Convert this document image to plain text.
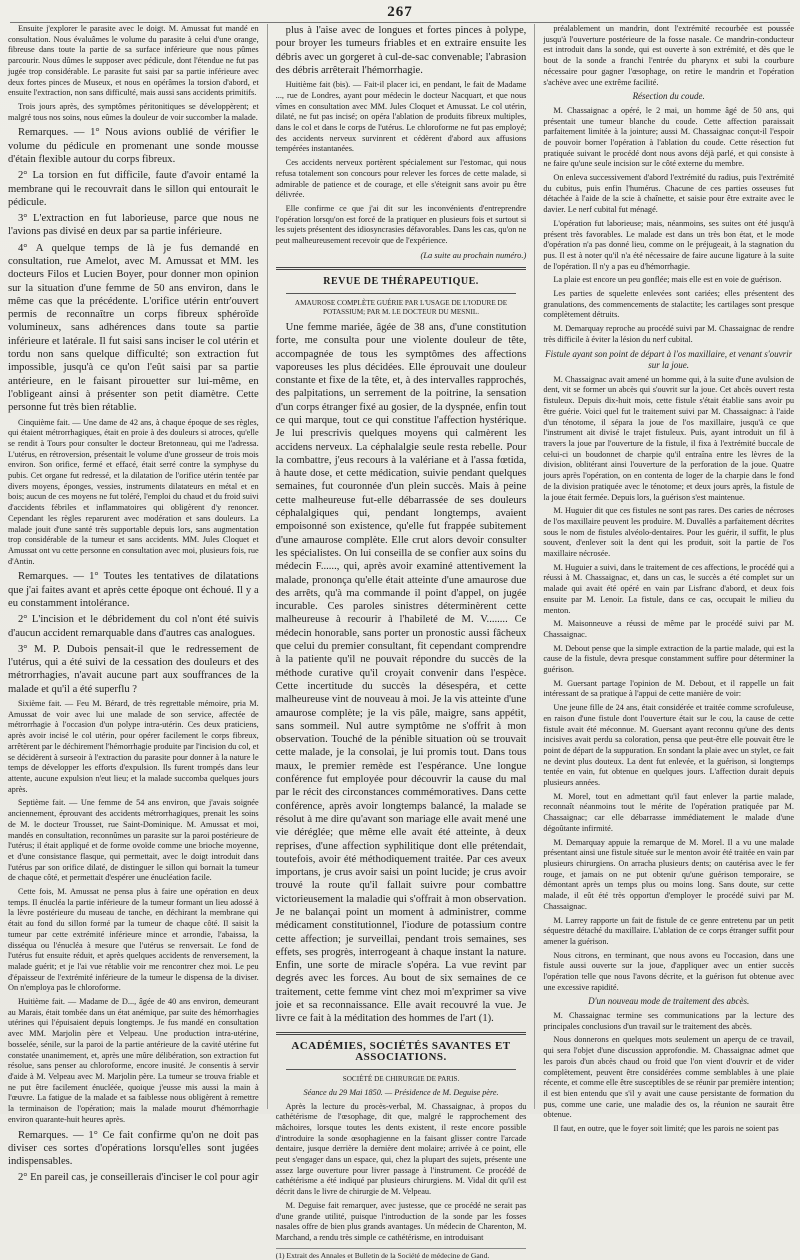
267

Ensuite j'explorer le parasite avec le doigt. M. Amussat fut mandé en consultation. Nous évaluâmes le volume du parasite à celui d'une orange, fibreuse dans toute la partie de sa surface inférieure que nous pûmes parcourir. Nous dûmes le supposer avec pédicule, dont l'étendue ne fut pas jugée trop considérable. Le parasite fut saisi par sa partie inférieure avec deux fortes pinces de Museux, et nous en opérâmes la torsion d'abord, et ensuite l'extraction, non sans difficulté, mais aussi sans accidents primitifs.

Trois jours après, des symptômes péritonitiques se développèrent; et malgré tous nos soins, nous eûmes la douleur de voir succomber la malade.

Remarques. — 1° Nous avions oublié de vérifier le volume du pédicule en promenant une sonde mousse d'étain flexible autour du corps fibreux.

2° La torsion en fut difficile, faute d'avoir entamé la membrane qui le recouvrait dans le sillon qui entourait le pédicule.

3° L'extraction en fut laborieuse, parce que nous ne l'avions pas divisé en deux par sa partie inférieure.

4° A quelque temps de là je fus demandé en consultation, rue Amelot, avec M. Amussat et MM. les docteurs Filos et Lucien Boyer, pour donner mon opinion sur la situation d'une femme de 50 ans environ, dans le même cas que la précédente. L'orifice utérin entr'ouvert permis de reconnaître un corps fibreux sphéroïde volumineux, sans adhérences dans toute sa partie inférieure et latérale. Il fut saisi sans inciser le col utérin et tordu non sans quelque difficulté; son extraction fut impossible, jusqu'à ce qu'on l'eût saisi par sa partie antérieure, en le faisant pirouetter sur lui-même, en l'obligeant ainsi à présenter son petit diamètre. Cette personne fut très bien rétablie.

Cinquième fait. — Une dame de 42 ans, à chaque époque de ses règles, qui étaient métrorrhagiques, était en proie à des douleurs si atroces, qu'elle se rendit à Tours pour consulter le docteur Bretonneau, qui me l'adressa. L'utérus, en rétroversion, présentait le volume d'une grosseur de trois mois environ. Son orifice, fermé et effacé, était serré contre la symphyse du pubis. Cet organe fut redressé, et la dilatation de l'orifice utérin tentée par divers moyens, éponges, vessies, instruments dilatateurs en métal et en bois; aucun de ces moyens ne fut toléré, l'emploi du chaud et du froid suivi d'accidents fébriles et inflammatoires qui obligèrent d'y renoncer. Cependant les règles reparurent avec modération et sans douleurs. La malade jouit d'une santé très supportable depuis lors, sans augmentation trop considérable de la tumeur et sans accidents. MM. Jules Cloquet et Amussat ont vu cette personne en consultation avec moi, plusieurs fois, rue d'Antin.

Remarques. — 1° Toutes les tentatives de dilatations que j'ai faites avant et après cette époque ont échoué. Il y a eu constamment intolérance.

2° L'incision et le débridement du col n'ont été suivis d'aucun accident remarquable dans d'autres cas analogues.

3° M. P. Dubois pensait-il que le redressement de l'utérus, qui a été suivi de la cessation des douleurs et des métrorrhagies, n'avait aucune part aux souffrances de la malade et qu'il a été superflu ?

Sixième fait. — Feu M. Bérard, de très regrettable mémoire, pria M. Amussat de voir avec lui une malade de son service, affectée de métrorrhagie à l'occasion d'un polype intra-utérin. Ces deux praticiens, après avoir incisé le col utérin, pour opérer facilement le corps fibreux, arrêtèrent par le déchirement l'hémorrhagie produite par l'incision du col, et se décidèrent à surseoir à l'extraction du parasite pour donner à la nature le temps de développer les efforts d'expulsion. Ils furent trompés dans leur attente, aucune expulsion n'eut lieu; et la malade succomba quelques jours après.

Septième fait. — Une femme de 54 ans environ, que j'avais soignée anciennement, éprouvant des accidents métrorrhagiques, prenait les soins de M. le docteur Trousset, rue Saint-Dominique. M. Amussat et moi, mandés en consultation, reconnûmes un parasite sur la paroi postérieure de l'utérus; il était appliqué et de forme ovoïde comme une brioche moyenne, et d'une consistance flasque, qui permettait, avec le doigt introduit dans l'utérus par son orifice dilaté, de distinguer le sillon qui bornait la tumeur de chaque côté, et permettait d'espérer une énucléation facile.

Cette fois, M. Amussat ne pensa plus à faire une opération en deux temps. Il énucléa la partie inférieure de la tumeur formant un lieu adossé à la lèvre postérieure du museau de tanche, en déchirant la membrane qui était au fond du sillon formé par la tumeur de chaque côté. Il saisit la tumeur par cette extrémité inférieure mince et arrondie, l'abaissa, la disséqua ou l'énucléa à mesure que l'utérus se renversait. Le fond de l'utérus fut ensuite réduit, et après quelques accidents de renversement, la malade guérit; et je l'ai vue rétablie voir me rencontrer chez moi. Le peu d'épaisseur de l'extrémité inférieure de la tumeur le dispensa de la diviser. On n'employa pas le chloroforme.

Huitième fait. — Madame de D..., âgée de 40 ans environ, demeurant au Marais, était tombée dans un état anémique, par suite des hémorrhagies utérines qui l'épuisaient depuis longtemps. Je fus mandé en consultation avec MM. Marjolin père et Velpeau. Une production intra-utérine, bosselée, sénile, sur la paroi de la partie antérieure de la cavité utérine fut constatée unanimement, et, après une mûre délibération, son extraction fut résolue, sans penser au chloroforme, encore inusité. Je consentis à servir d'aide à M. Velpeau avec M. Marjolin père. La tumeur se trouva friable et ne put être facilement énucléée, quoique j'eusse mis aussi la main à l'œuvre. La fatigue de la malade et sa faiblesse nous obligèrent à remettre la terminaison de l'opération; mais la malade mourut d'hémorrhagie environ quarante-huit heures après.

Remarques. — 1° Ce fait confirme qu'on ne doit pas diviser ces sortes d'opérations lorsqu'elles sont jugées indispensables.

2° En pareil cas, je conseillerais d'inciser le col pour agir

plus à l'aise avec de longues et fortes pinces à polype, pour broyer les tumeurs friables et en extraire ensuite les débris avec un gorgeret à cul-de-sac convenable; l'abrasion des débris arrêterait l'hémorrhagie.

Huitième fait (bis). — Fait-il placer ici, en pendant, le fait de Madame ..., rue de Londres, ayant pour médecin le docteur Nacquart, et que nous vîmes en consultation avec MM. Jules Cloquet et Amussat. Le col utérin, dilaté, ne fut pas incisé; on opéra l'ablation de produits fibreux multiples, dans le col et dans le corps de l'utérus. Le chloroforme ne fut pas employé; des accidents nerveux survinrent et cédèrent d'abord aux affusions tempérées instantanées.

Ces accidents nerveux portèrent spécialement sur l'estomac, qui nous refusa totalement son concours pour relever les forces de cette malade, si admirable de patience et de courage, et elle s'éteignit sans avoir pu être délivrée.

Elle confirme ce que j'ai dit sur les inconvénients d'entreprendre l'opération lorsqu'on est forcé de la pratiquer en plusieurs fois et surtout si les sujets présentent des idiosyncrasies défavorables. Dans les cas, qu'on ne peut malheureusement recevoir que de l'expérience.

(La suite au prochain numéro.)
REVUE DE THÉRAPEUTIQUE.
AMAUROSE COMPLÈTE GUÉRIE PAR L'USAGE DE L'IODURE DE POTASSIUM; PAR M. LE DOCTEUR DU MESNIL.

Une femme mariée, âgée de 38 ans, d'une constitution forte, me consulta pour une violente douleur de tête, accompagnée de tous les symptômes des affections vaporeuses les plus décidées. Elle éprouvait une douleur constante et fixe de la tête, et, à des intervalles rapprochés, des palpitations, un serrement de la poitrine, la sensation d'un corps étranger fixé au gosier, de la dyspnée, enfin tout ce qui marque, tout ce qui constitue l'affection hystérique. Je lui prescrivis quelques moyens qui calmèrent les accidens nerveux. La céphalalgie seule resta rebelle. Pour la combattre, j'eus recours à la valériane et à l'assa fœtida, à haute dose, et cette médication, suivie pendant quelques semaines, fut couronnée d'un plein succès. Mais à peine cette malheureuse fut-elle débarrassée de ses douleurs céphalalgiques qui, pendant longtemps, avaient empoisonné son existence, qu'elle fut frappée subitement d'une amaurose complète. Elle crut alors devoir consulter les spécialistes. On lui conseilla de se confier aux soins du médecin F......, qui, après avoir examiné attentivement la malade, prononça qu'elle était atteinte d'une amaurose due des arrêts, qu'à ma commande il point d'appel, on jugée incurable. Ces paroles sinistres déterminèrent cette malheureuse à recourir à l'habileté de M. V........ Ce médecin honorable, sans porter un pronostic aussi fâcheux que celui du premier consultant, fit cependant comprendre à la patiente qu'il ne pouvait répondre du succès de la méthode curative qu'il croyait convenir dans l'espèce. Cette incertitude du succès la désespéra, et cette malheureuse vint de nouveau à moi. Je la vis atteinte d'une amaurose complète; je la vis pâle, maigre, sans appétit, sans sommeil. Nul autre symptôme ne s'offrit à mon observation. Touché de la pénible situation où se trouvait cette malade, je la consolai, je lui promis tout. Dans tous maux, le premier remède est l'espérance. Une longue conférence fut employée pour découvrir la cause du mal par le récit des circonstances commémoratives. Dans cette conférence, après avoir longtemps balancé, la malade se résolut à me dire qu'avant son mariage elle avait mené une vie déréglée; que même elle avait été atteinte, à deux reprises, d'une affection syphilitique dont elle prétendait, toutefois, avoir été méthodiquement traitée. Par ces aveux importans, je crus avoir saisi un point lucide; je crus avoir trouvé la route qu'il fallait suivre pour combattre victorieusement la maladie qui s'offrait à mon observation. Je ne balançai point un moment à administrer, comme médicament constitutionnel, l'iodure de potassium contre cette affection; je surveillai, pendant trois semaines, ses effets, ses progrès, interrogeant à chaque instant la nature. Enfin, une sorte de miracle s'opéra. La vue revint par degrés avec les forces. Au bout de six semaines de ce traitement, cette femme vint chez moi m'exprimer sa vive joie et sa reconnaissance. Elle avait recouvré la vue. Je livre ce fait à la méditation des hommes de l'art (1).

ACADÉMIES, SOCIÉTÉS SAVANTES ET ASSOCIATIONS.
SOCIÉTÉ DE CHIRURGIE DE PARIS.

Séance du 29 Mai 1850. — Présidence de M. Deguise père.

Après la lecture du procès-verbal, M. Chassaignac, à propos du cathétérisme de l'œsophage, dit que, malgré le rapprochement des mâchoires, lorsque toutes les dents existent, il reste encore possible d'introduire la sonde œsophagienne en la faisant glisser contre l'arcade dentaire, jusque derrière la dernière dent molaire; arrivée à ce point, elle peut s'engager dans un espace, qui, chez la plupart des sujets, présente une assez large ouverture pour livrer passage à l'instrument. Ce procédé de cathétérisme a été indiqué par plusieurs chirurgiens. M. Vidal dit qu'il est décrit dans le livre de chirurgie de M. Velpeau.

M. Deguise fait remarquer, avec justesse, que ce procédé ne serait pas d'une grande utilité, puisque l'introduction de la sonde par les fosses nasales offre de bien plus grands avantages. Un médecin de Charenton, M. Marchand, a rendu très simple ce cathétérisme, en introduisant

(1) Extrait des Annales et Bulletin de la Société de médecine de Gand.

préalablement un mandrin, dont l'extrémité recourbée est poussée jusqu'à l'ouverture postérieure de la fosse nasale. Ce mandrin-conducteur est introduit dans la sonde, qui est ouverte à son extrémité, et dès que le bout de la sonde a franchi l'entrée du pharynx et subi la courbure nécessaire pour gagner l'œsophage, on retire le mandrin et l'opération s'achève avec une extrême facilité.

Résection du coude.

M. Chassaignac a opéré, le 2 mai, un homme âgé de 50 ans, qui présentait une tumeur blanche du coude. Cette affection paraissait parfaitement limitée à la jointure; aussi M. Chassaignac conçut-il l'espoir de pouvoir borner l'opération à l'ablation du coude. Cette résection fut pratiquée suivant le procédé dont nous avons déjà parlé, et qui consiste à ne faire qu'une seule incision sur le côté externe du membre.

On enleva successivement d'abord l'extrémité du radius, puis l'extrémité du cubitus, puis enfin l'humérus. Chacune de ces parties osseuses fut détachée à l'aide de la scie à chaînette, et saisie pour être extraite avec le davier. Le nerf cubital fut ménagé.

L'opération fut laborieuse; mais, néanmoins, ses suites ont été jusqu'à présent très favorables. Le malade est dans un très bon état, et le mode d'opération n'a pas donné lieu, comme on le préjugeait, à la stagnation du pus. Il est à noter qu'il n'a été nécessaire de faire aucune ligature à la suite de l'opération. Il n'y a pas eu d'hémorrhagie.

La plaie est encore un peu gonflée; mais elle est en voie de guérison.

Les parties de squelette enlevées sont cariées; elles présentent des granulations, des commencements de stalactite; les cartilages sont presque complètement détruits.

M. Demarquay reproche au procédé suivi par M. Chassaignac de rendre très difficile à éviter la lésion du nerf cubital.

Fistule ayant son point de départ à l'os maxillaire, et venant s'ouvrir sur la joue.

M. Chassaignac avait amené un homme qui, à la suite d'une avulsion de dent, vit se former un abcès qui s'ouvrit sur la joue. Cet abcès ouvert resta fistuleux. Depuis dix-huit mois, cette fistule s'était établie sans avoir pu être guérie. Voici quel fut le traitement suivi par M. Chassaignac: à l'aide d'un ténotome, il sépara la joue de l'os maxillaire, jusqu'à ce que l'instrument ait divisé le trajet fistuleux. Puis, ayant introduit un fil à travers la joue par l'ouverture de la fistule, il fixa à l'extrémité buccale de celui-ci un boudonnet de charpie qu'il entraîna entre les lèvres de la division, oblitérant ainsi l'ouverture de la perforation de la joue. Quatre jours après l'opération, on en contenta de loger de la charpie dans le fond de la division pratiquée avec le ténotome; et deux jours après, la fistule de la joue était fermée. Depuis lors, la guérison s'est maintenue.

M. Huguier dit que ces fistules ne sont pas rares. Des caries de nécroses de l'os maxillaire peuvent les produire. M. Duvallès a parfaitement décrites sous le nom de fistules alvéolo-dentaires. Pour les guérir, il suffit, le plus souvent, d'enlever soit la dent qui les produit, soit la partie de l'os maxillaire nécrosée.

M. Huguier a suivi, dans le traitement de ces affections, le procédé qui a réussi à M. Chassaignac, et, dans un cas, le succès a été complet sur un malade qui avait été opéré en vain par Lisfranc d'abord, et deux fois ensuite par M. Lenoir. La fistule, dans ce cas, occupait le milieu du menton.

M. Maisonneuve a réussi de même par le procédé suivi par M. Chassaignac.

M. Debout pense que la simple extraction de la partie malade, qui est la cause de la fistule, devra presque constamment suffire pour déterminer la guérison.

M. Guersant partage l'opinion de M. Debout, et il rappelle un fait intéressant de sa pratique à l'appui de cette manière de voir:

Une jeune fille de 24 ans, était considérée et traitée comme scrofuleuse, en raison d'une fistule dont l'ouverture était sur le cou, la cause de cette fistule avait été méconnue. M. Guersant ayant reconnu qu'une des dents incisives avait perdu sa coloration, pensa que peut-être elle pouvait être le point de départ de la suppuration. En sondant la plaie avec un stylet, ce fait ne devint plus douteux. La dent fut enlevée, et la guérison, si longtemps tentée en vain, fut obtenue en quelques jours. L'affection durait depuis plusieurs années.

M. Morel, tout en admettant qu'il faut enlever la partie malade, reconnaît néanmoins tout le mérite de l'opération pratiquée par M. Chassaignac; car elle débarrasse immédiatement le malade d'une dégoûtante infirmité.

M. Demarquay appuie la remarque de M. Morel. Il a vu une malade présentant ainsi une fistule située sur le menton avoir été traitée en vain par plusieurs chirurgiens. On arracha plusieurs dents; on cautérisa avec le fer rouge, et jamais on ne put obtenir qu'une guérison temporaire, se démontant après un temps plus ou moins long. Sans doute, sur cette malade, il eût été très opportun d'employer le procédé suivi par M. Chassaignac.

M. Larrey rapporte un fait de fistule de ce genre entretenu par un petit séquestre détaché du maxillaire. L'ablation de ce corps étranger suffit pour amener la guérison.

Nous citrons, en terminant, que nous avons eu l'occasion, dans une fistule aussi ouverte sur la joue, d'appliquer avec un entier succès l'opération telle que nous l'avons décrite, et la guérison fut obtenue avec une excessive rapidité.

D'un nouveau mode de traitement des abcès.

M. Chassaignac termine ses communications par la lecture des principales conclusions d'un travail sur le traitement des abcès.

Nous donnerons en quelques mots seulement un aperçu de ce travail, qui sera l'objet d'une discussion approfondie. M. Chassaignac admet que les parois d'un abcès chaud ou froid que l'on vient d'ouvrir et de vider complètement, peuvent être considérées comme semblables à une plaie récente, et comme elle être susceptibles de se réunir par première intention; il est bien entendu que s'il y avait une cause persistante de formation du pus, comme une carie, une maladie des os, la réunion ne saurait être obtenue.

Il faut, en outre, que le foyer soit limité; que les parois ne soient pas
